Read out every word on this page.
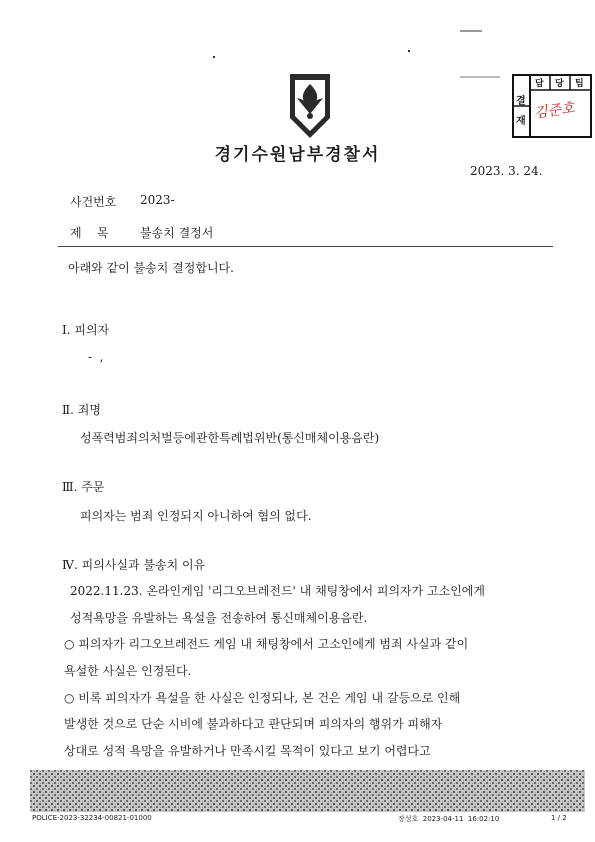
결
재
담 당 팀
김준호
경기수원남부경찰서
2023. 3. 24.
사건번호 2023-
제    목	불송치 결정서
아래와 같이 불송치 결정합니다.
Ⅰ. 피의자
-  ,
Ⅱ. 죄명
성폭력범죄의처벌등에관한특례법위반(통신매체이용음란)
Ⅲ. 주문
피의자는 범죄 인정되지 아니하여 혐의 없다.
Ⅳ. 피의사실과 불송치 이유
2022.11.23. 온라인게임 '리그오브레전드' 내 채팅창에서 피의자가 고소인에게
성적욕망을 유발하는 욕설을 전송하여 통신매체이용음란.
○ 피의자가 리그오브레전드 게임 내 채팅창에서 고소인에게 범죄 사실과 같이
욕설한 사실은 인정된다.
○ 비록 피의자가 욕설을 한 사실은 인정되나, 본 건은 게임 내 갈등으로 인해
발생한 것으로 단순 시비에 불과하다고 판단되며 피의자의 행위가 피해자
상대로 성적 욕망을 유발하거나 만족시킬 목적이 있다고 보기 어렵다고
POLICE-2023-32234-00821-01000	장성호  2023-04-11  16:02:10	1 / 2
